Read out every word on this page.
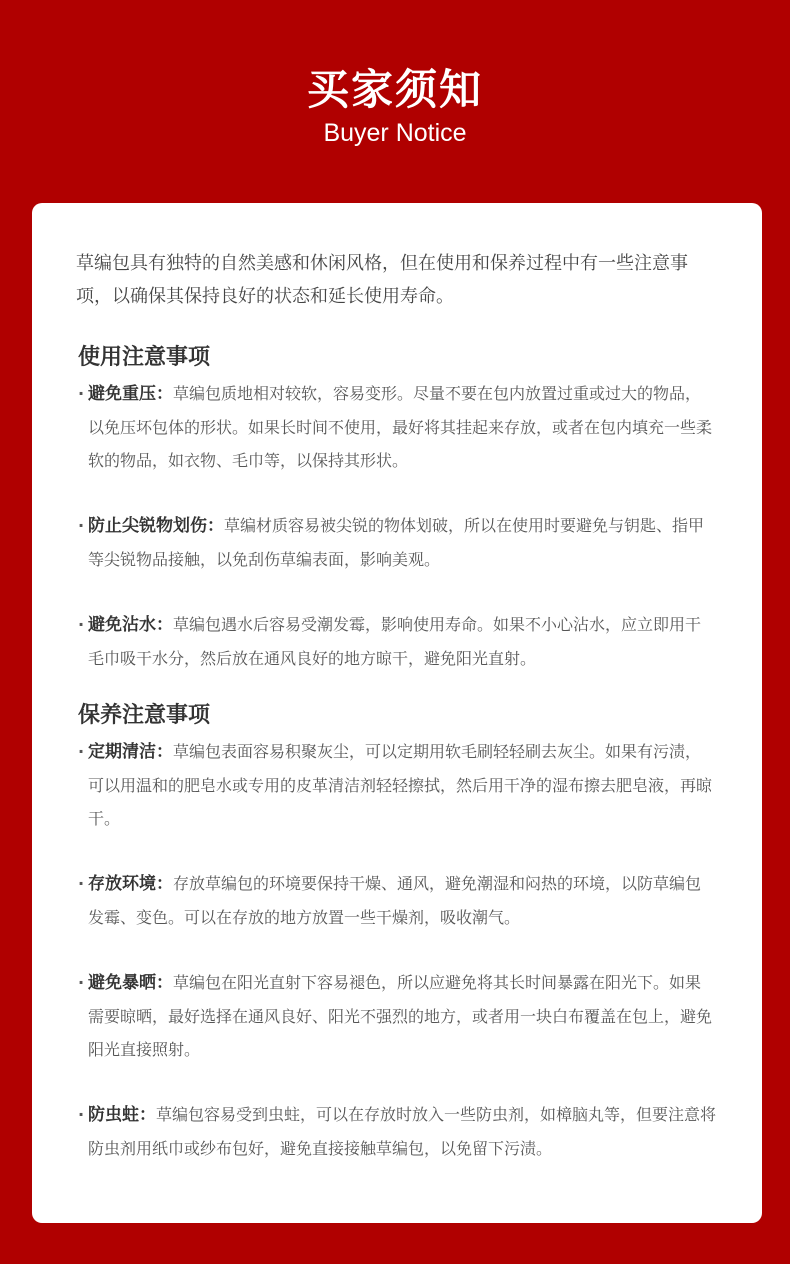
买家须知
Buyer Notice

草编包具有独特的自然美感和休闲风格，但在使用和保养过程中有一些注意事项，以确保其保持良好的状态和延长使用寿命。

使用注意事项
· 避免重压：草编包质地相对较软，容易变形。尽量不要在包内放置过重或过大的物品，以免压坏包体的形状。如果长时间不使用，最好将其挂起来存放，或者在包内填充一些柔软的物品，如衣物、毛巾等，以保持其形状。
· 防止尖锐物划伤：草编材质容易被尖锐的物体划破，所以在使用时要避免与钥匙、指甲等尖锐物品接触，以免刮伤草编表面，影响美观。
· 避免沾水：草编包遇水后容易受潮发霉，影响使用寿命。如果不小心沾水，应立即用干毛巾吸干水分，然后放在通风良好的地方晾干，避免阳光直射。
保养注意事项
· 定期清洁：草编包表面容易积聚灰尘，可以定期用软毛刷轻轻刷去灰尘。如果有污渍，可以用温和的肥皂水或专用的皮革清洁剂轻轻擦拭，然后用干净的湿布擦去肥皂液，再晾干。
· 存放环境：存放草编包的环境要保持干燥、通风，避免潮湿和闷热的环境，以防草编包发霉、变色。可以在存放的地方放置一些干燥剂，吸收潮气。
· 避免暴晒：草编包在阳光直射下容易褪色，所以应避免将其长时间暴露在阳光下。如果需要晾晒，最好选择在通风良好、阳光不强烈的地方，或者用一块白布覆盖在包上，避免阳光直接照射。
· 防虫蛀：草编包容易受到虫蛀，可以在存放时放入一些防虫剂，如樟脑丸等，但要注意将防虫剂用纸巾或纱布包好，避免直接接触草编包，以免留下污渍。
